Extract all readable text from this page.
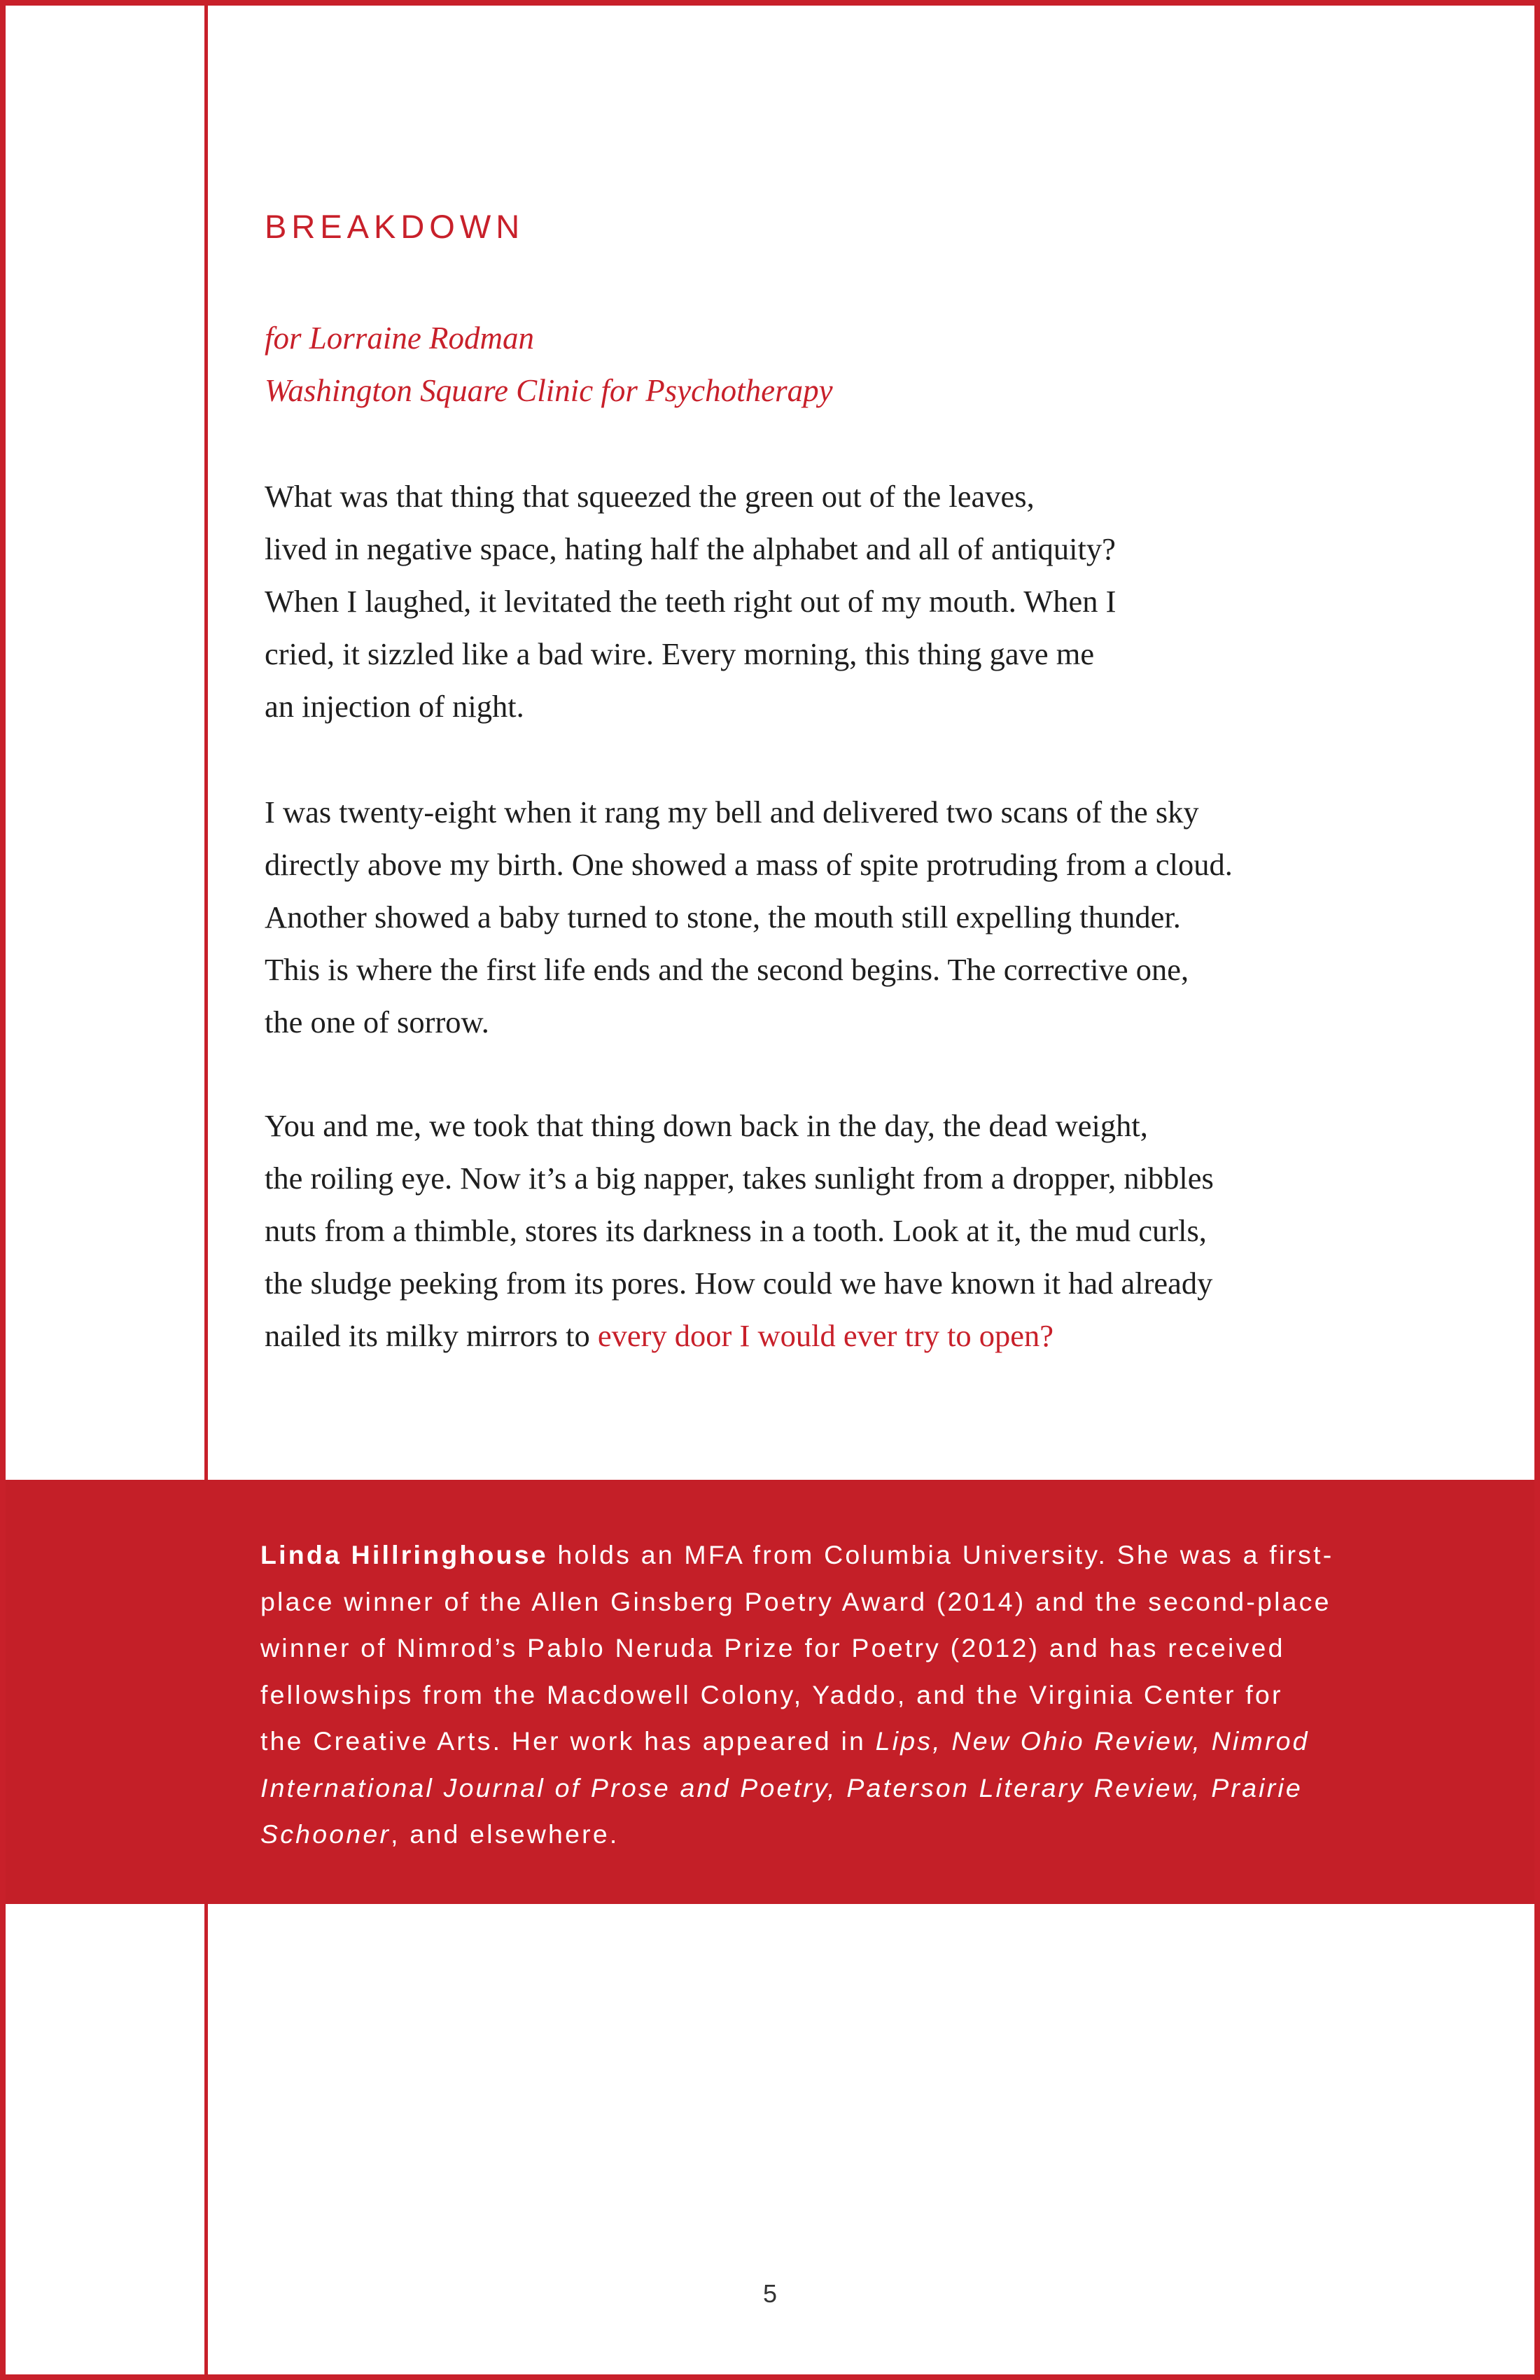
BREAKDOWN

for Lorraine Rodman
Washington Square Clinic for Psychotherapy

What was that thing that squeezed the green out of the leaves,
lived in negative space, hating half the alphabet and all of antiquity?
When I laughed, it levitated the teeth right out of my mouth. When I
cried, it sizzled like a bad wire. Every morning, this thing gave me
an injection of night.

I was twenty-eight when it rang my bell and delivered two scans of the sky
directly above my birth. One showed a mass of spite protruding from a cloud.
Another showed a baby turned to stone, the mouth still expelling thunder.
This is where the first life ends and the second begins. The corrective one,
the one of sorrow.

You and me, we took that thing down back in the day, the dead weight,
the roiling eye. Now it’s a big napper, takes sunlight from a dropper, nibbles
nuts from a thimble, stores its darkness in a tooth. Look at it, the mud curls,
the sludge peeking from its pores. How could we have known it had already
nailed its milky mirrors to every door I would ever try to open?

Linda Hillringhouse holds an MFA from Columbia University. She was a first-
place winner of the Allen Ginsberg Poetry Award (2014) and the second-place
winner of Nimrod’s Pablo Neruda Prize for Poetry (2012) and has received
fellowships from the Macdowell Colony, Yaddo, and the Virginia Center for
the Creative Arts. Her work has appeared in Lips, New Ohio Review, Nimrod
International Journal of Prose and Poetry, Paterson Literary Review, Prairie
Schooner, and elsewhere.

5
